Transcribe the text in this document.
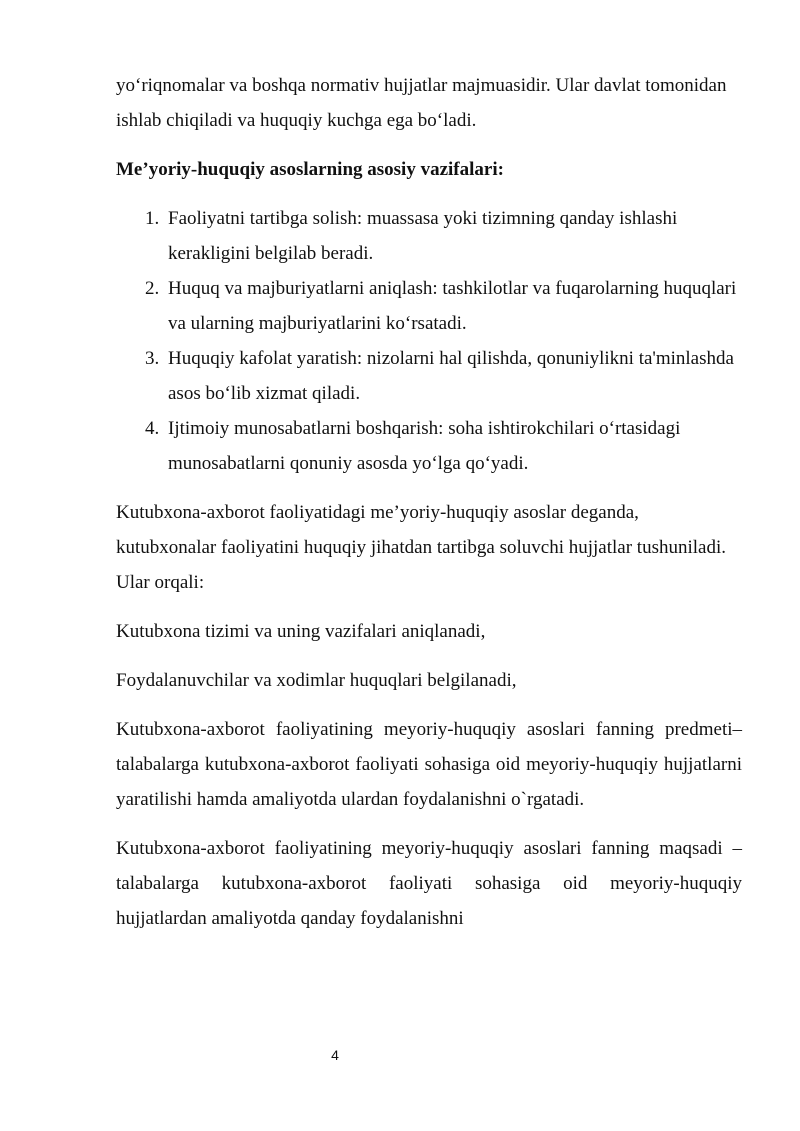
yo‘riqnomalar va boshqa normativ hujjatlar majmuasidir. Ular davlat tomonidan ishlab chiqiladi va huquqiy kuchga ega bo‘ladi.

Me’yoriy-huquqiy asoslarning asosiy vazifalari:

1. Faoliyatni tartibga solish: muassasa yoki tizimning qanday ishlashi kerakligini belgilab beradi.
2. Huquq va majburiyatlarni aniqlash: tashkilotlar va fuqarolarning huquqlari va ularning majburiyatlarini ko‘rsatadi.
3. Huquqiy kafolat yaratish: nizolarni hal qilishda, qonuniylikni ta'minlashda asos bo‘lib xizmat qiladi.
4. Ijtimoiy munosabatlarni boshqarish: soha ishtirokchilari o‘rtasidagi munosabatlarni qonuniy asosda yo‘lga qo‘yadi.

Kutubxona-axborot faoliyatidagi me’yoriy-huquqiy asoslar deganda, kutubxonalar faoliyatini huquqiy jihatdan tartibga soluvchi hujjatlar tushuniladi. Ular orqali:

Kutubxona tizimi va uning vazifalari aniqlanadi,

Foydalanuvchilar va xodimlar huquqlari belgilanadi,

Kutubxona-axborot faoliyatining meyoriy-huquqiy asoslari fanning predmeti–talabalarga kutubxona-axborot faoliyati sohasiga oid meyoriy-huquqiy hujjatlarni yaratilishi hamda amaliyotda ulardan foydalanishni o`rgatadi.

Kutubxona-axborot faoliyatining meyoriy-huquqiy asoslari fanning maqsadi –talabalarga kutubxona-axborot faoliyati sohasiga oid meyoriy-huquqiy hujjatlardan amaliyotda qanday foydalanishni

4
